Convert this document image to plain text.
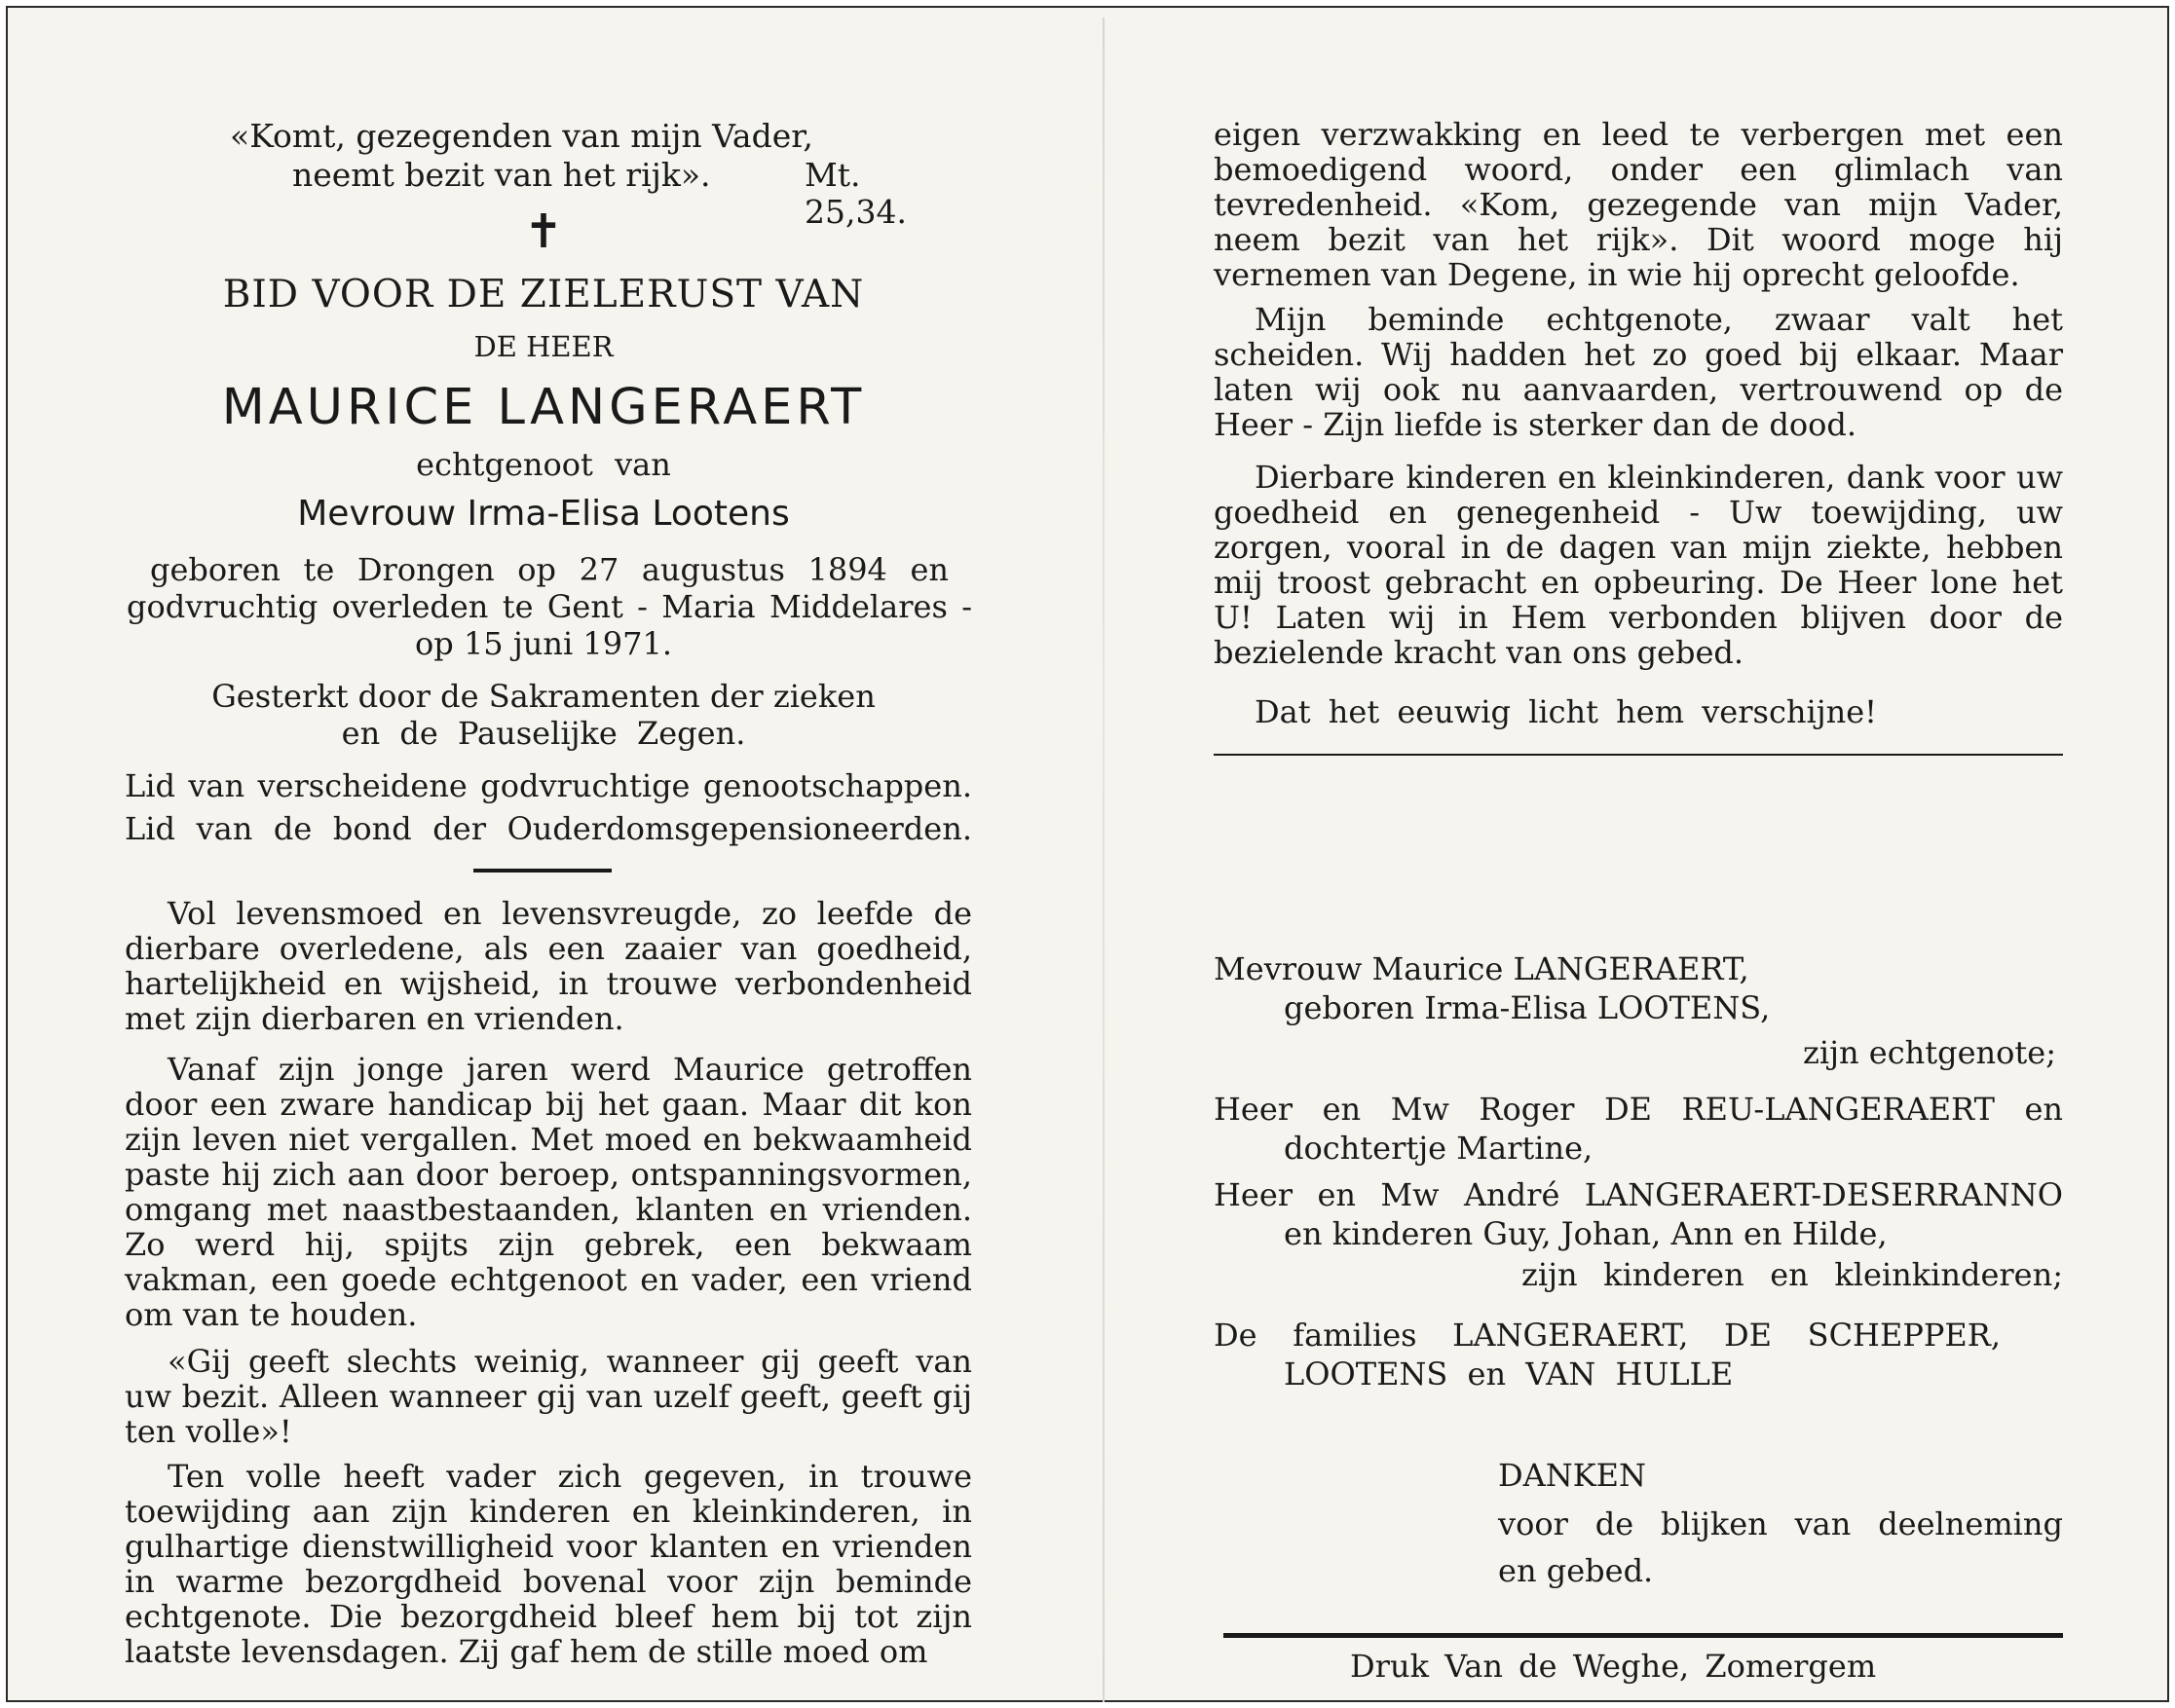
«Komt, gezegenden van mijn Vader,
neemt bezit van het rijk».	Mt. 25,34.
✝
BID VOOR DE ZIELERUST VAN
DE HEER
MAURICE LANGERAERT
echtgenoot van
Mevrouw Irma-Elisa Lootens
geboren te Drongen op 27 augustus 1894 en
godvruchtig overleden te Gent - Maria Middelares -
op 15 juni 1971.
Gesterkt door de Sakramenten der zieken
en de Pauselijke Zegen.
Lid van verscheidene godvruchtige genootschappen.
Lid van de bond der Ouderdomsgepensioneerden.

Vol levensmoed en levensvreugde, zo leefde de dierbare overledene, als een zaaier van goedheid, hartelijkheid en wijsheid, in trouwe verbondenheid met zijn dierbaren en vrienden.

Vanaf zijn jonge jaren werd Maurice getroffen door een zware handicap bij het gaan. Maar dit kon zijn leven niet vergallen. Met moed en bekwaamheid paste hij zich aan door beroep, ontspanningsvormen, omgang met naastbestaanden, klanten en vrienden. Zo werd hij, spijts zijn gebrek, een bekwaam vakman, een goede echtgenoot en vader, een vriend om van te houden.

«Gij geeft slechts weinig, wanneer gij geeft van uw bezit. Alleen wanneer gij van uzelf geeft, geeft gij ten volle»!

Ten volle heeft vader zich gegeven, in trouwe toewijding aan zijn kinderen en kleinkinderen, in gulhartige dienstwilligheid voor klanten en vrienden in warme bezorgdheid bovenal voor zijn beminde echtgenote. Die bezorgdheid bleef hem bij tot zijn laatste levensdagen. Zij gaf hem de stille moed om

eigen verzwakking en leed te verbergen met een bemoedigend woord, onder een glimlach van tevredenheid. «Kom, gezegende van mijn Vader, neem bezit van het rijk». Dit woord moge hij vernemen van Degene, in wie hij oprecht geloofde.

Mijn beminde echtgenote, zwaar valt het scheiden. Wij hadden het zo goed bij elkaar. Maar laten wij ook nu aanvaarden, vertrouwend op de Heer - Zijn liefde is sterker dan de dood.

Dierbare kinderen en kleinkinderen, dank voor uw goedheid en genegenheid - Uw toewijding, uw zorgen, vooral in de dagen van mijn ziekte, hebben mij troost gebracht en opbeuring. De Heer lone het U! Laten wij in Hem verbonden blijven door de bezielende kracht van ons gebed.

Dat het eeuwig licht hem verschijne!
Mevrouw Maurice LANGERAERT,
geboren Irma-Elisa LOOTENS,
zijn echtgenote;
Heer en Mw Roger DE REU-LANGERAERT en
dochtertje Martine,
Heer en Mw André LANGERAERT-DESERRANNO
en kinderen Guy, Johan, Ann en Hilde,
zijn kinderen en kleinkinderen;
De families LANGERAERT, DE SCHEPPER,
LOOTENS en VAN HULLE
DANKEN
voor de blijken van deelneming
en gebed.
Druk Van de Weghe, Zomergem
